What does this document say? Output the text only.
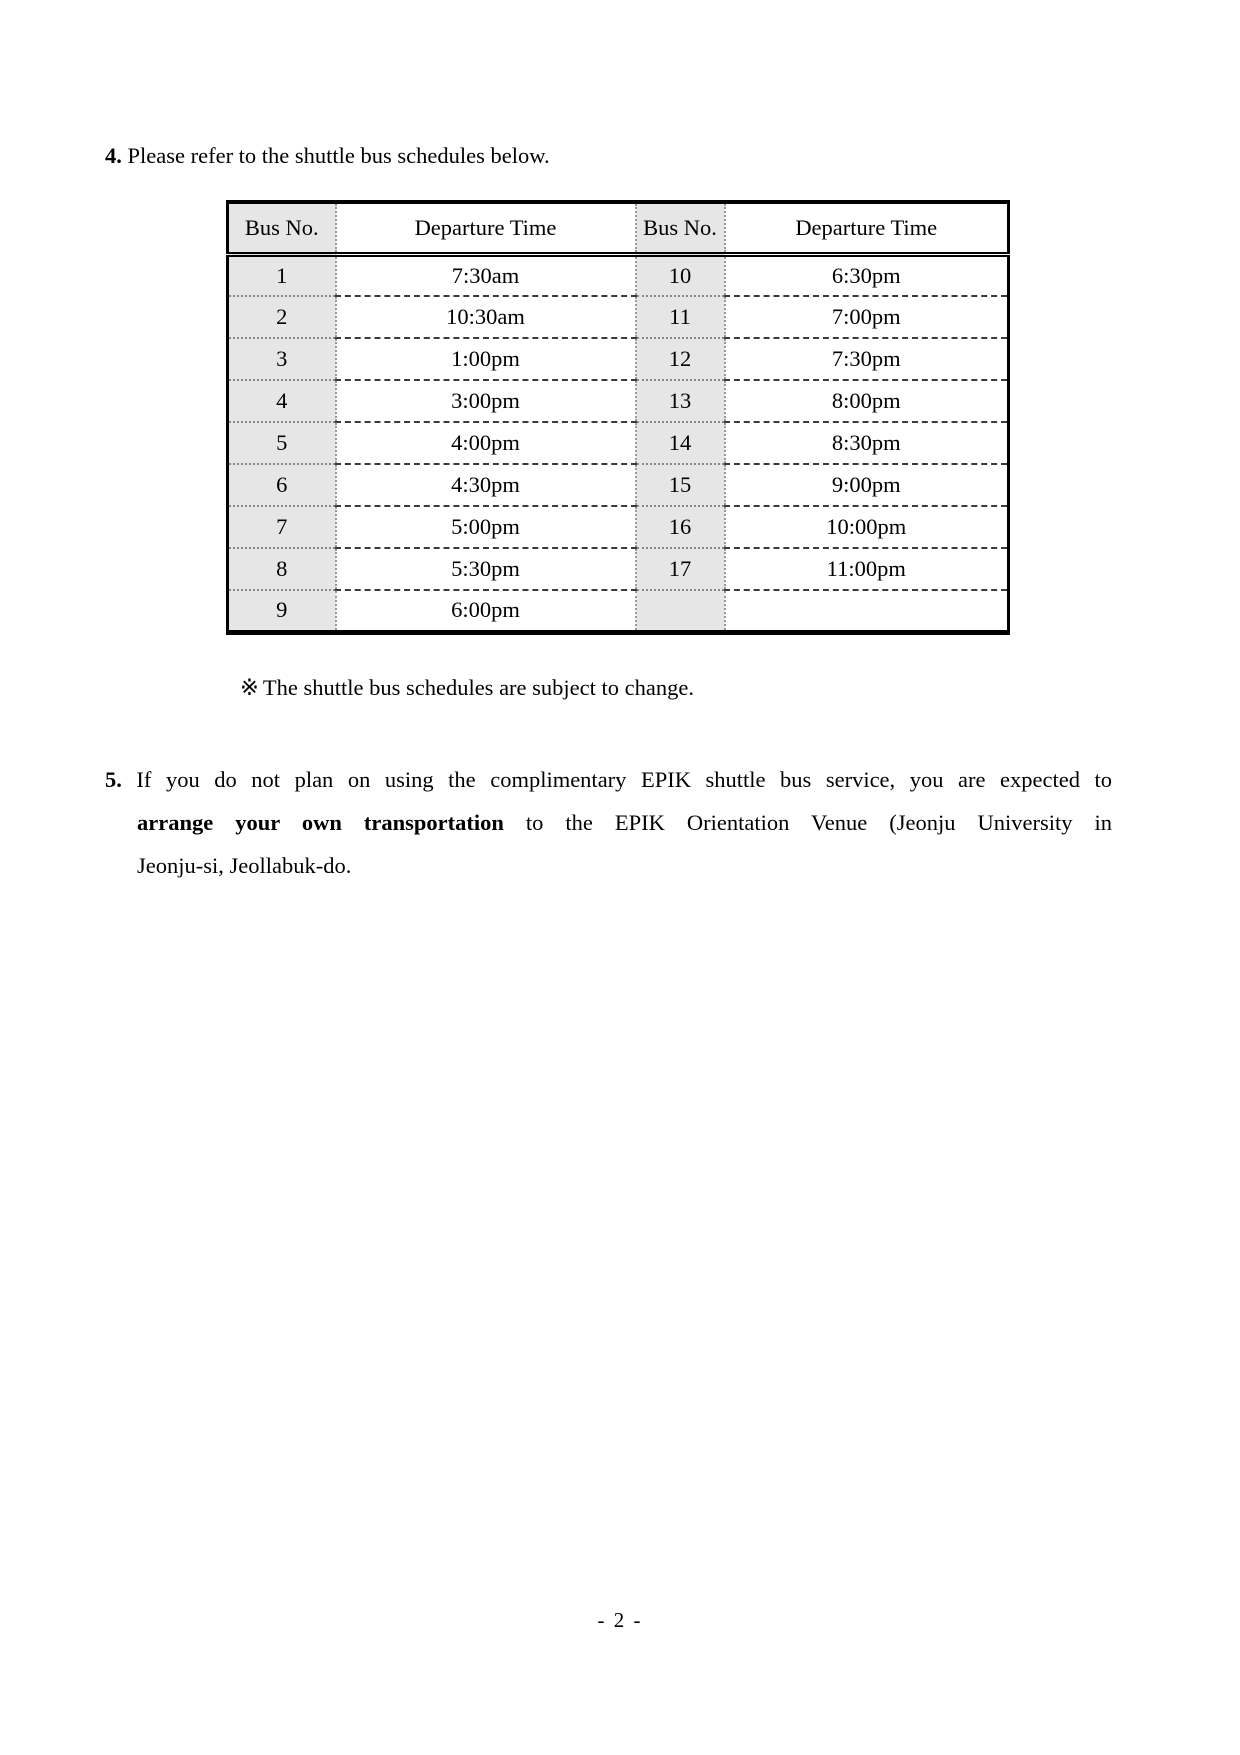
4. Please refer to the shuttle bus schedules below.

Bus No.	Departure Time	Bus No.	Departure Time
1	7:30am	10	6:30pm
2	10:30am	11	7:00pm
3	1:00pm	12	7:30pm
4	3:00pm	13	8:00pm
5	4:00pm	14	8:30pm
6	4:30pm	15	9:00pm
7	5:00pm	16	10:00pm
8	5:30pm	17	11:00pm
9	6:00pm		

※ The shuttle bus schedules are subject to change.

5. If you do not plan on using the complimentary EPIK shuttle bus service, you are expected to
arrange your own transportation to the EPIK Orientation Venue (Jeonju University in
Jeonju-si, Jeollabuk-do.
- 2 -
